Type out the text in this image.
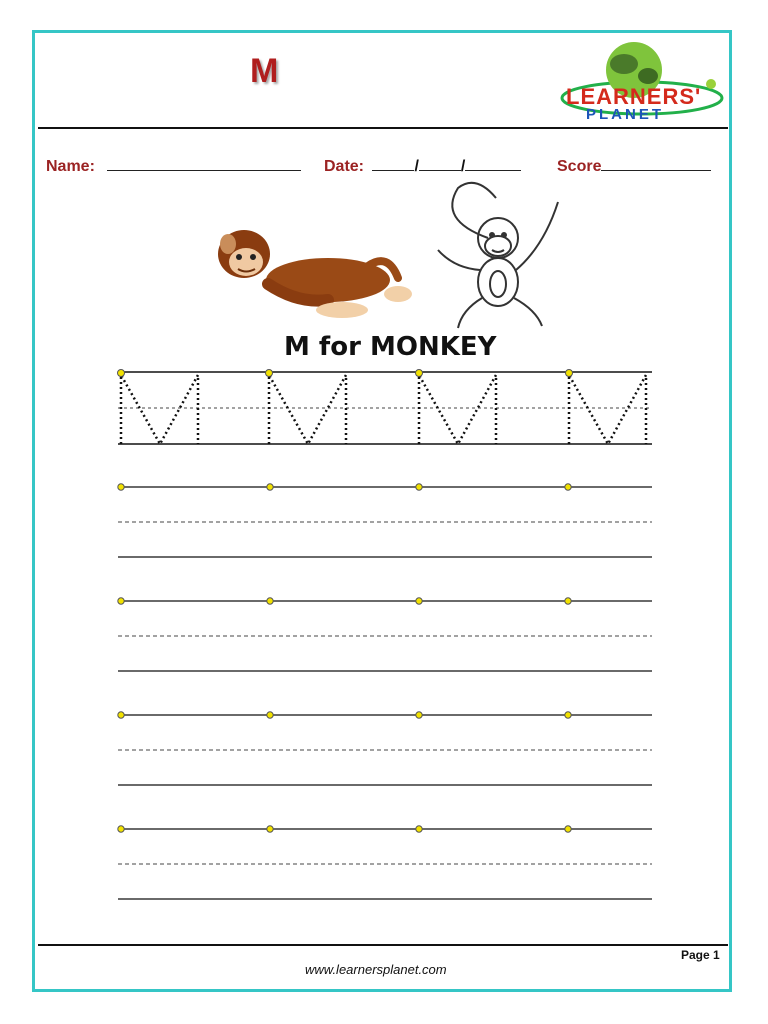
M
LEARNERS'
PLANET
Name:	Date:	/	/	Score
M for MONKEY
Page 1
www.learnersplanet.com
